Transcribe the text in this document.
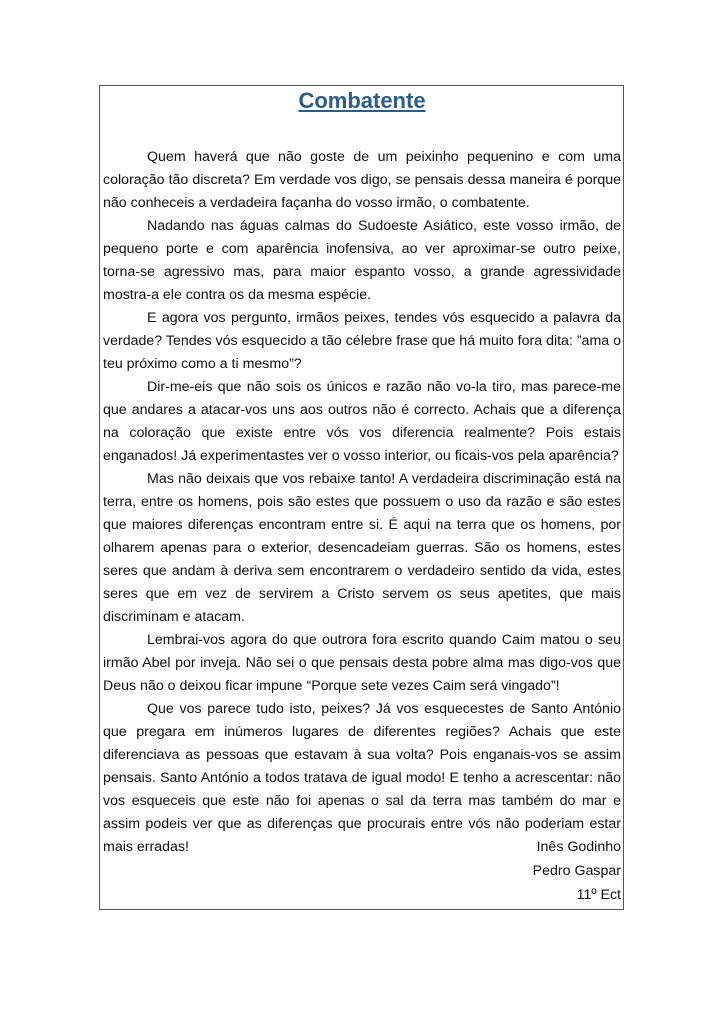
Combatente

Quem haverá que não goste de um peixinho pequenino e com uma coloração tão discreta? Em verdade vos digo, se pensais dessa maneira é porque não conheceis a verdadeira façanha do vosso irmão, o combatente.

Nadando nas águas calmas do Sudoeste Asiático, este vosso irmão, de pequeno porte e com aparência inofensiva, ao ver aproximar-se outro peixe, torna-se agressivo mas, para maior espanto vosso, a grande agressividade mostra-a ele contra os da mesma espécie.

E agora vos pergunto, irmãos peixes, tendes vós esquecido a palavra da verdade? Tendes vós esquecido a tão célebre frase que há muito fora dita: ”ama o teu próximo como a ti mesmo”?

Dir-me-eis que não sois os únicos e razão não vo-la tiro, mas parece-me que andares a atacar-vos uns aos outros não é correcto. Achais que a diferença na coloração que existe entre vós vos diferencia realmente? Pois estais enganados! Já experimentastes ver o vosso interior, ou ficais-vos pela aparência?

Mas não deixais que vos rebaixe tanto! A verdadeira discriminação está na terra, entre os homens, pois são estes que possuem o uso da razão e são estes que maiores diferenças encontram entre si. É aqui na terra que os homens, por olharem apenas para o exterior, desencadeiam guerras. São os homens, estes seres que andam à deriva sem encontrarem o verdadeiro sentido da vida, estes seres que em vez de servirem a Cristo servem os seus apetites, que mais discriminam e atacam.

Lembrai-vos agora do que outrora fora escrito quando Caim matou o seu irmão Abel por inveja. Não sei o que pensais desta pobre alma mas digo-vos que Deus não o deixou ficar impune “Porque sete vezes Caim será vingado”!

Que vos parece tudo isto, peixes? Já vos esquecestes de Santo António que pregara em inúmeros lugares de diferentes regiões? Achais que este diferenciava as pessoas que estavam à sua volta? Pois enganais-vos se assim pensais. Santo António a todos tratava de igual modo! E tenho a acrescentar: não vos esqueceis que este não foi apenas o sal da terra mas também do mar e assim podeis ver que as diferenças que procurais entre vós não poderiam estar mais erradas!	Inês Godinho
Pedro Gaspar
11º Ect
